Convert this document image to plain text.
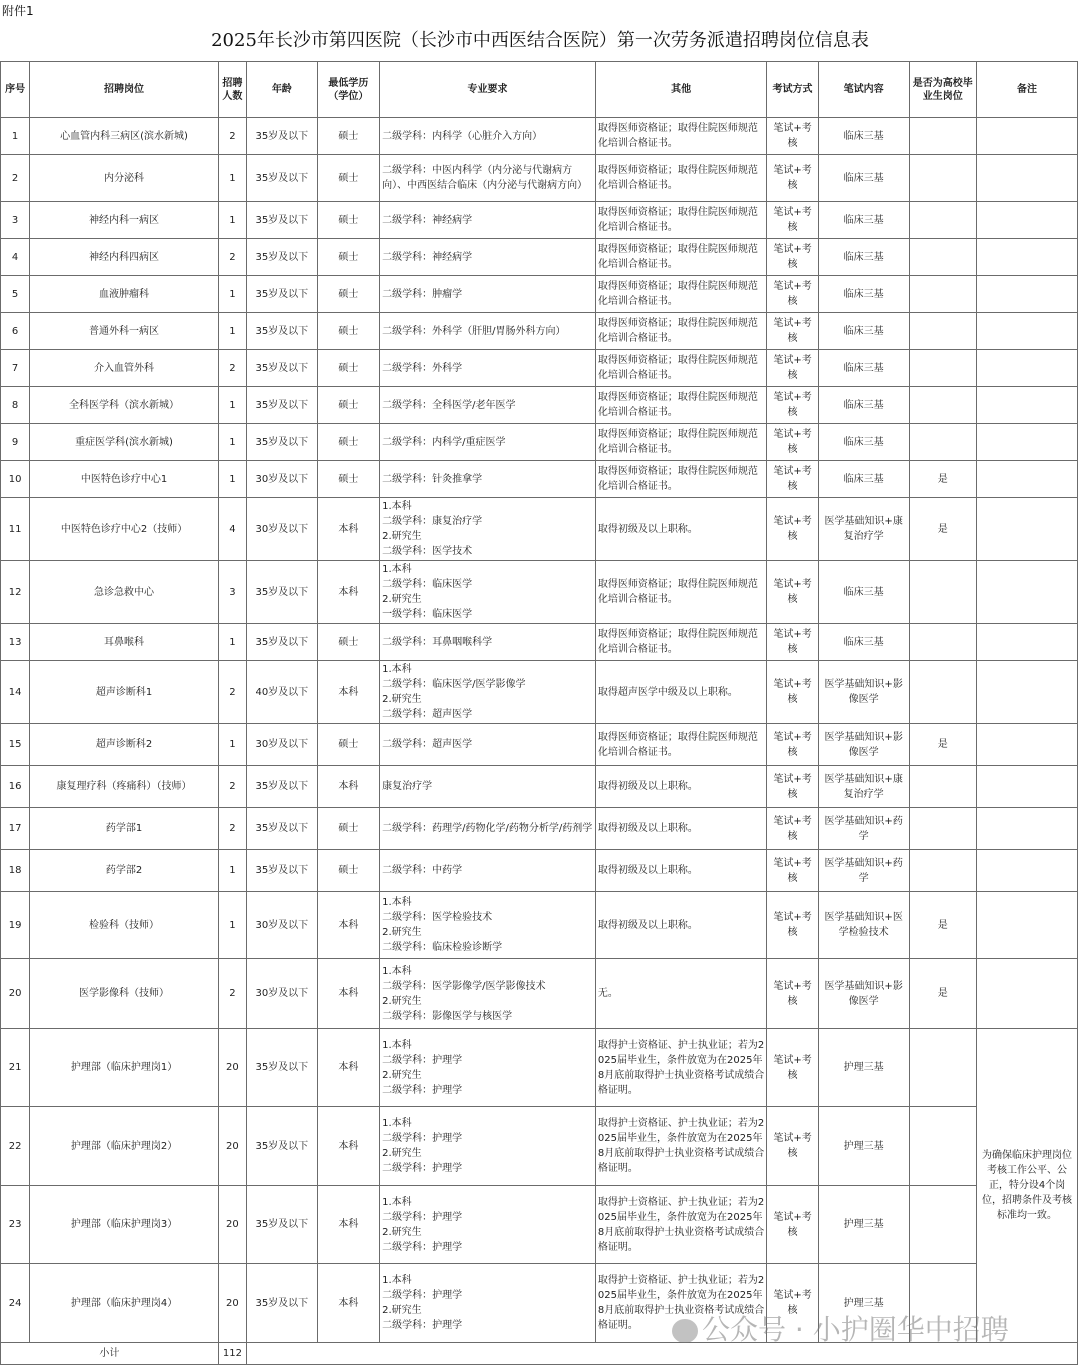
附件1
2025年长沙市第四医院（长沙市中西医结合医院）第一次劳务派遣招聘岗位信息表
序号	招聘岗位	招聘人数	年龄	最低学历（学位）	专业要求	其他	考试方式	笔试内容	是否为高校毕业生岗位	备注
1	心血管内科三病区(滨水新城)	2	35岁及以下	硕士	二级学科：内科学（心脏介入方向）	取得医师资格证；取得住院医师规范化培训合格证书。	笔试+考核	临床三基		
2	内分泌科	1	35岁及以下	硕士	二级学科：中医内科学（内分泌与代谢病方向）、中西医结合临床（内分泌与代谢病方向）	取得医师资格证；取得住院医师规范化培训合格证书。	笔试+考核	临床三基		
3	神经内科一病区	1	35岁及以下	硕士	二级学科：神经病学	取得医师资格证；取得住院医师规范化培训合格证书。	笔试+考核	临床三基		
4	神经内科四病区	2	35岁及以下	硕士	二级学科：神经病学	取得医师资格证；取得住院医师规范化培训合格证书。	笔试+考核	临床三基		
5	血液肿瘤科	1	35岁及以下	硕士	二级学科：肿瘤学	取得医师资格证；取得住院医师规范化培训合格证书。	笔试+考核	临床三基		
6	普通外科一病区	1	35岁及以下	硕士	二级学科：外科学（肝胆/胃肠外科方向）	取得医师资格证；取得住院医师规范化培训合格证书。	笔试+考核	临床三基		
7	介入血管外科	2	35岁及以下	硕士	二级学科：外科学	取得医师资格证；取得住院医师规范化培训合格证书。	笔试+考核	临床三基		
8	全科医学科（滨水新城）	1	35岁及以下	硕士	二级学科：全科医学/老年医学	取得医师资格证；取得住院医师规范化培训合格证书。	笔试+考核	临床三基		
9	重症医学科(滨水新城)	1	35岁及以下	硕士	二级学科：内科学/重症医学	取得医师资格证；取得住院医师规范化培训合格证书。	笔试+考核	临床三基		
10	中医特色诊疗中心1	1	30岁及以下	硕士	二级学科：针灸推拿学	取得医师资格证；取得住院医师规范化培训合格证书。	笔试+考核	临床三基	是	
11	中医特色诊疗中心2（技师）	4	30岁及以下	本科	1.本科
二级学科：康复治疗学
2.研究生
二级学科：医学技术	取得初级及以上职称。	笔试+考核	医学基础知识+康复治疗学	是	
12	急诊急救中心	3	35岁及以下	本科	1.本科
二级学科：临床医学
2.研究生
一级学科：临床医学	取得医师资格证；取得住院医师规范化培训合格证书。	笔试+考核	临床三基		
13	耳鼻喉科	1	35岁及以下	硕士	二级学科：耳鼻咽喉科学	取得医师资格证；取得住院医师规范化培训合格证书。	笔试+考核	临床三基		
14	超声诊断科1	2	40岁及以下	本科	1.本科
二级学科：临床医学/医学影像学
2.研究生
二级学科：超声医学	取得超声医学中级及以上职称。	笔试+考核	医学基础知识+影像医学		
15	超声诊断科2	1	30岁及以下	硕士	二级学科：超声医学	取得医师资格证；取得住院医师规范化培训合格证书。	笔试+考核	医学基础知识+影像医学	是	
16	康复理疗科（疼痛科）（技师）	2	35岁及以下	本科	康复治疗学	取得初级及以上职称。	笔试+考核	医学基础知识+康复治疗学		
17	药学部1	2	35岁及以下	硕士	二级学科：药理学/药物化学/药物分析学/药剂学	取得初级及以上职称。	笔试+考核	医学基础知识+药学		
18	药学部2	1	35岁及以下	硕士	二级学科：中药学	取得初级及以上职称。	笔试+考核	医学基础知识+药学		
19	检验科（技师）	1	30岁及以下	本科	1.本科
二级学科：医学检验技术
2.研究生
二级学科：临床检验诊断学	取得初级及以上职称。	笔试+考核	医学基础知识+医学检验技术	是	
20	医学影像科（技师）	2	30岁及以下	本科	1.本科
二级学科：医学影像学/医学影像技术
2.研究生
二级学科：影像医学与核医学	无。	笔试+考核	医学基础知识+影像医学	是	
21	护理部（临床护理岗1）	20	35岁及以下	本科	1.本科
二级学科：护理学
2.研究生
二级学科：护理学	取得护士资格证、护士执业证；若为2025届毕业生，条件放宽为在2025年8月底前取得护士执业资格考试成绩合格证明。	笔试+考核	护理三基		为确保临床护理岗位考核工作公平、公正，特分设4个岗位，招聘条件及考核标准均一致。
22	护理部（临床护理岗2）	20	35岁及以下	本科	1.本科
二级学科：护理学
2.研究生
二级学科：护理学	取得护士资格证、护士执业证；若为2025届毕业生，条件放宽为在2025年8月底前取得护士执业资格考试成绩合格证明。	笔试+考核	护理三基		
23	护理部（临床护理岗3）	20	35岁及以下	本科	1.本科
二级学科：护理学
2.研究生
二级学科：护理学	取得护士资格证、护士执业证；若为2025届毕业生，条件放宽为在2025年8月底前取得护士执业资格考试成绩合格证明。	笔试+考核	护理三基		
24	护理部（临床护理岗4）	20	35岁及以下	本科	1.本科
二级学科：护理学
2.研究生
二级学科：护理学	取得护士资格证、护士执业证；若为2025届毕业生，条件放宽为在2025年8月底前取得护士执业资格考试成绩合格证明。	笔试+考核	护理三基		
小计		112								
公众号 · 小护圈华中招聘
